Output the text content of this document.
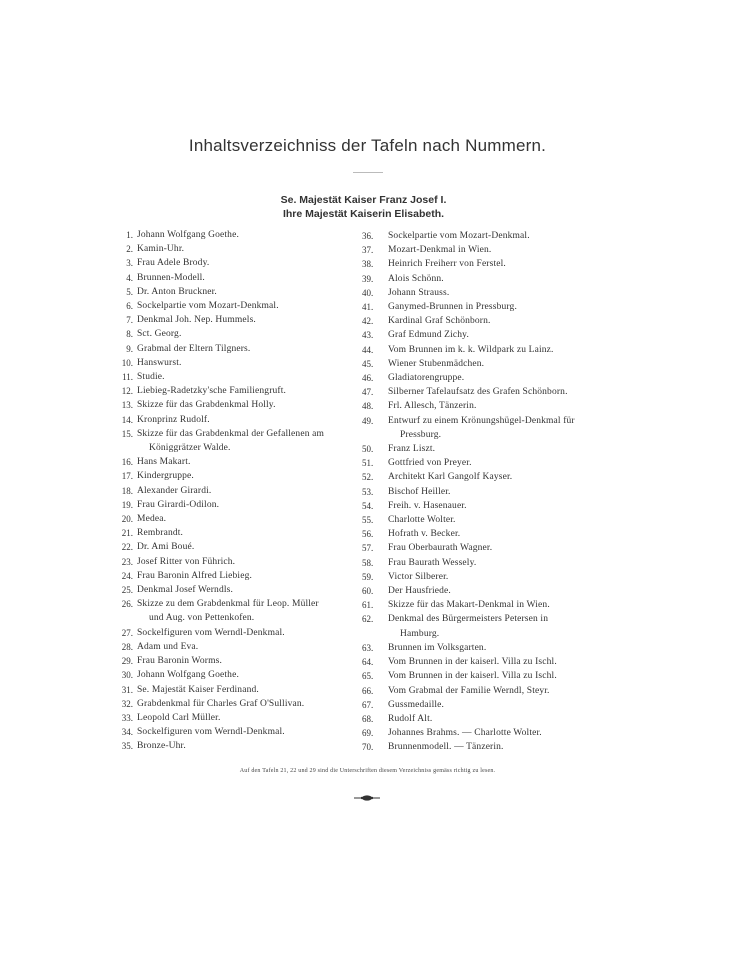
Inhaltsverzeichniss der Tafeln nach Nummern.
Se. Majestät Kaiser Franz Josef I.
Ihre Majestät Kaiserin Elisabeth.
1. Johann Wolfgang Goethe.
2. Kamin-Uhr.
3. Frau Adele Brody.
4. Brunnen-Modell.
5. Dr. Anton Bruckner.
6. Sockelpartie vom Mozart-Denkmal.
7. Denkmal Joh. Nep. Hummels.
8. Sct. Georg.
9. Grabmal der Eltern Tilgners.
10. Hanswurst.
11. Studie.
12. Liebieg-Radetzky'sche Familiengruft.
13. Skizze für das Grabdenkmal Holly.
14. Kronprinz Rudolf.
15. Skizze für das Grabdenkmal der Gefallenen am
Königgrätzer Walde.
16. Hans Makart.
17. Kindergruppe.
18. Alexander Girardi.
19. Frau Girardi-Odilon.
20. Medea.
21. Rembrandt.
22. Dr. Ami Boué.
23. Josef Ritter von Führich.
24. Frau Baronin Alfred Liebieg.
25. Denkmal Josef Werndls.
26. Skizze zu dem Grabdenkmal für Leop. Müller
und Aug. von Pettenkofen.
27. Sockelfiguren vom Werndl-Denkmal.
28. Adam und Eva.
29. Frau Baronin Worms.
30. Johann Wolfgang Goethe.
31. Se. Majestät Kaiser Ferdinand.
32. Grabdenkmal für Charles Graf O'Sullivan.
33. Leopold Carl Müller.
34. Sockelfiguren vom Werndl-Denkmal.
35. Bronze-Uhr.
36.	Sockelpartie vom Mozart-Denkmal.
37.	Mozart-Denkmal in Wien.
38.	Heinrich Freiherr von Ferstel.
39.	Alois Schönn.
40.	Johann Strauss.
41.	Ganymed-Brunnen in Pressburg.
42.	Kardinal Graf Schönborn.
43.	Graf Edmund Zichy.
44.	Vom Brunnen im k. k. Wildpark zu Lainz.
45.	Wiener Stubenmädchen.
46.	Gladiatorengruppe.
47.	Silberner Tafelaufsatz des Grafen Schönborn.
48.	Frl. Allesch, Tänzerin.
49.	Entwurf zu einem Krönungshügel-Denkmal für
Pressburg.
50.	Franz Liszt.
51.	Gottfried von Preyer.
52.	Architekt Karl Gangolf Kayser.
53.	Bischof Heiller.
54.	Freih. v. Hasenauer.
55.	Charlotte Wolter.
56.	Hofrath v. Becker.
57.	Frau Oberbaurath Wagner.
58.	Frau Baurath Wessely.
59.	Victor Silberer.
60.	Der Hausfriede.
61.	Skizze für das Makart-Denkmal in Wien.
62.	Denkmal des Bürgermeisters Petersen in
Hamburg.
63.	Brunnen im Volksgarten.
64.	Vom Brunnen in der kaiserl. Villa zu Ischl.
65.	Vom Brunnen in der kaiserl. Villa zu Ischl.
66.	Vom Grabmal der Familie Werndl, Steyr.
67.	Gussmedaille.
68.	Rudolf Alt.
69.	Johannes Brahms. — Charlotte Wolter.
70.	Brunnenmodell. — Tänzerin.
Auf den Tafeln 21, 22 und 29 sind die Unterschriften diesem Verzeichniss gemäss richtig zu lesen.
